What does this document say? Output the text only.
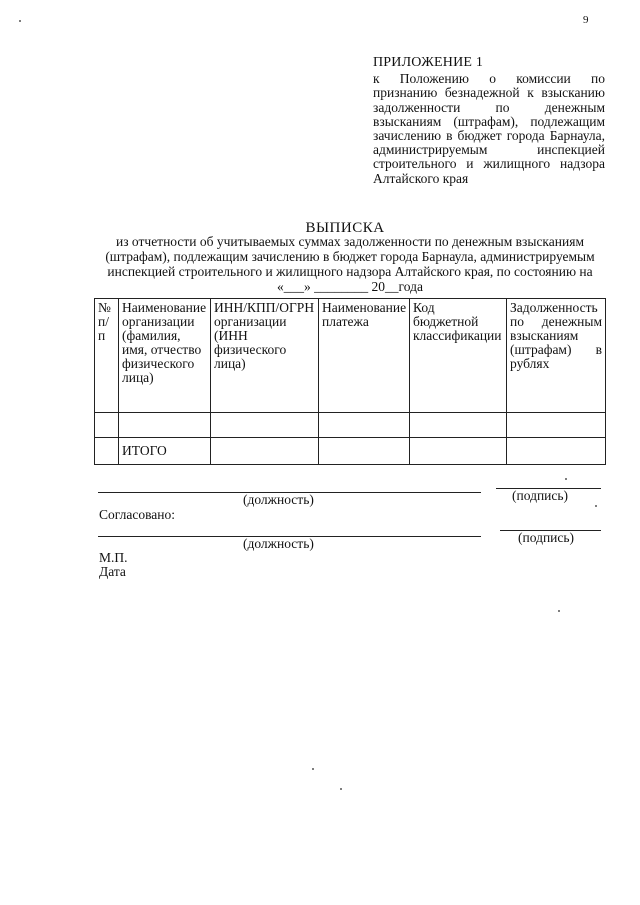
9
ПРИЛОЖЕНИЕ 1
к Положению о комиссии по признанию безнадежной к взысканию задолженности по денежным взысканиям (штрафам), подлежащим зачислению в бюджет города Барнаула, администрируемым инспекцией строительного и жилищного надзора Алтайского края
ВЫПИСКА
из отчетности об учитываемых суммах задолженности по денежным взысканиям (штрафам), подлежащим зачислению в бюджет города Барнаула, администрируемым инспекцией строительного и жилищного надзора Алтайского края, по состоянию на «___» ________ 20__года
№ п/п	Наименование организации (фамилия, имя, отчество физического лица)	ИНН/КПП/ОГРН организации (ИНН физического лица)	Наименование платежа	Код бюджетной классификации	Задолженность по денежным взысканиям (штрафам) в рублях

	ИТОГО				
(должность)	(подпись)
Согласовано:
(должность)	(подпись)
М.П.
Дата
